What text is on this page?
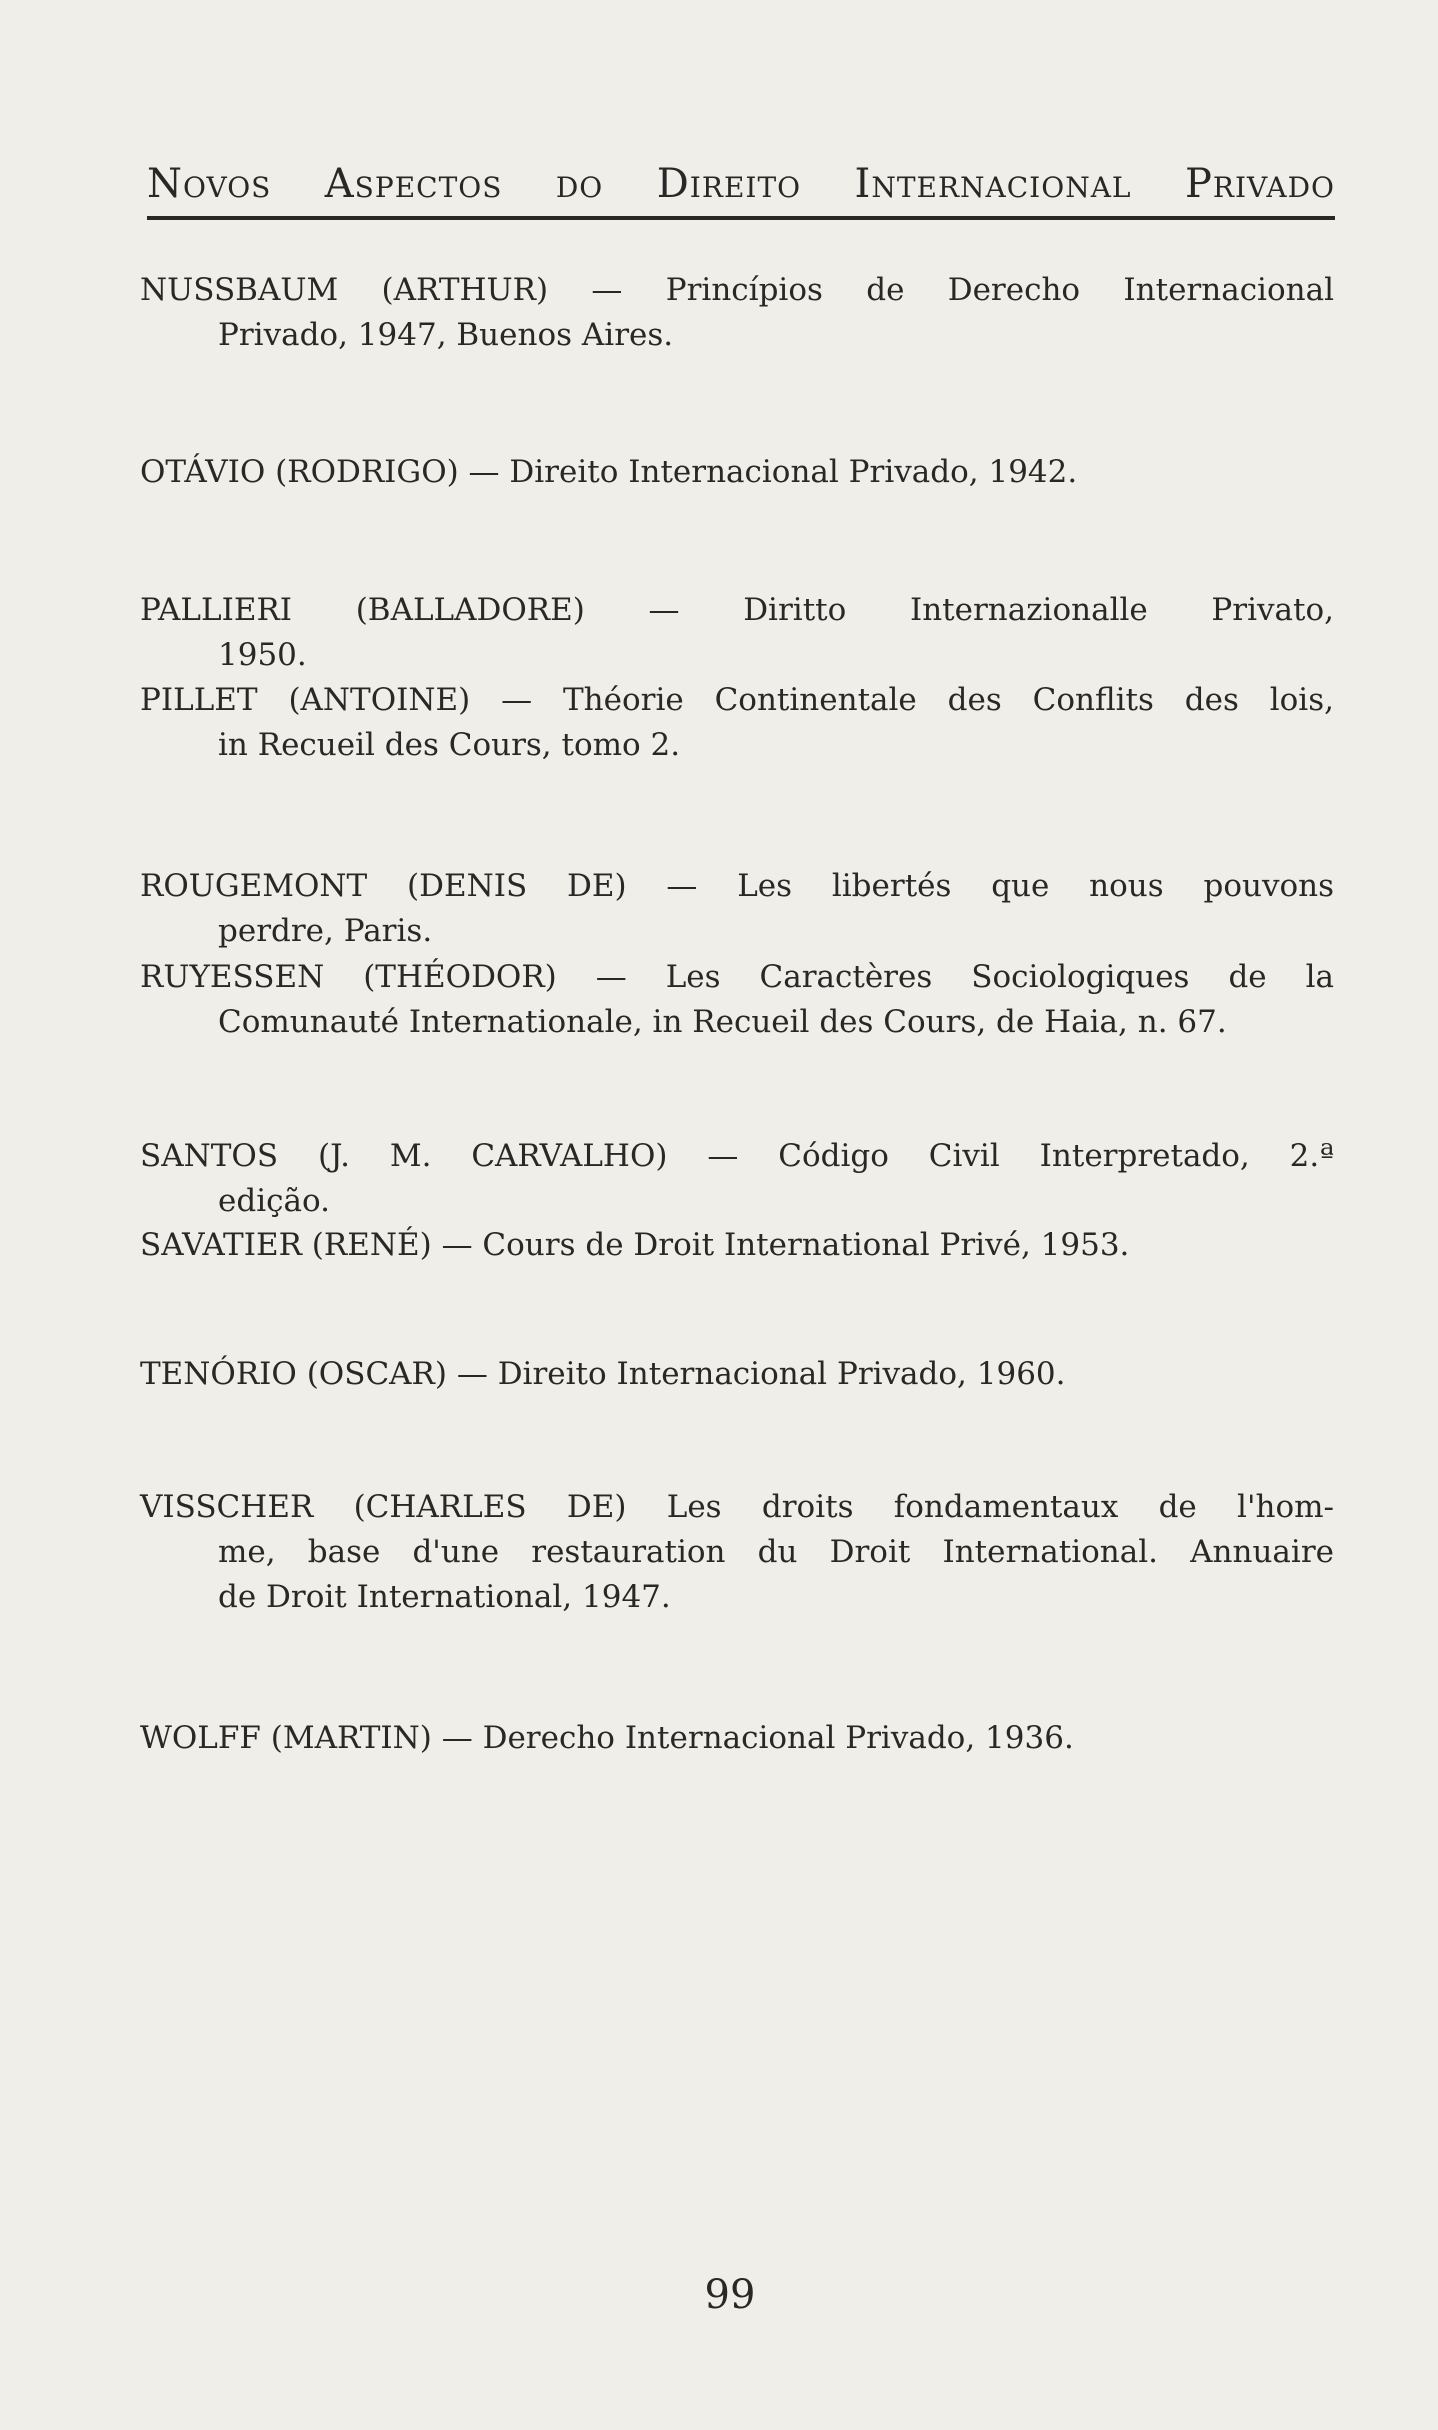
Novos Aspectos do Direito Internacional Privado
NUSSBAUM (ARTHUR) — Princípios de Derecho Internacional
Privado, 1947, Buenos Aires.
OTÁVIO (RODRIGO) — Direito Internacional Privado, 1942.
PALLIERI (BALLADORE) — Diritto Internazionalle Privato,
1950.
PILLET (ANTOINE) — Théorie Continentale des Conflits des lois,
in Recueil des Cours, tomo 2.
ROUGEMONT (DENIS DE) — Les libertés que nous pouvons
perdre, Paris.
RUYESSEN (THÉODOR) — Les Caractères Sociologiques de la
Comunauté Internationale, in Recueil des Cours, de Haia, n. 67.
SANTOS (J. M. CARVALHO) — Código Civil Interpretado, 2.ª
edição.
SAVATIER (RENÉ) — Cours de Droit International Privé, 1953.
TENÓRIO (OSCAR) — Direito Internacional Privado, 1960.
VISSCHER (CHARLES DE) Les droits fondamentaux de l'hom-
me, base d'une restauration du Droit International. Annuaire
de Droit International, 1947.
WOLFF (MARTIN) — Derecho Internacional Privado, 1936.
99
